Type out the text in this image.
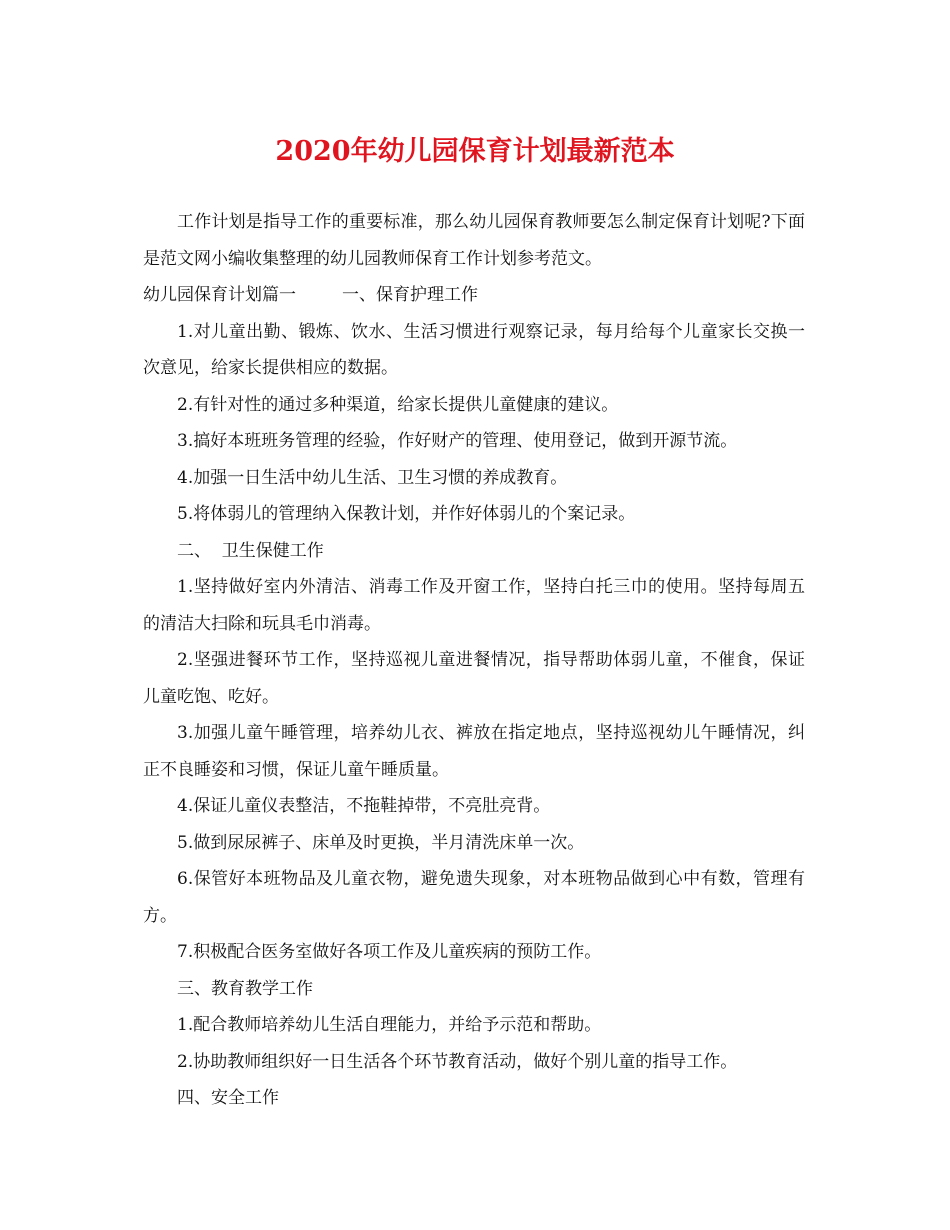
2020年幼儿园保育计划最新范本

工作计划是指导工作的重要标准，那么幼儿园保育教师要怎么制定保育计划呢?下面是范文网小编收集整理的幼儿园教师保育工作计划参考范文。

幼儿园保育计划篇一	一、保育护理工作

1.对儿童出勤、锻炼、饮水、生活习惯进行观察记录，每月给每个儿童家长交换一次意见，给家长提供相应的数据。

2.有针对性的通过多种渠道，给家长提供儿童健康的建议。

3.搞好本班班务管理的经验，作好财产的管理、使用登记，做到开源节流。

4.加强一日生活中幼儿生活、卫生习惯的养成教育。

5.将体弱儿的管理纳入保教计划，并作好体弱儿的个案记录。

二、  卫生保健工作

1.坚持做好室内外清洁、消毒工作及开窗工作，坚持白托三巾的使用。坚持每周五的清洁大扫除和玩具毛巾消毒。

2.坚强进餐环节工作，坚持巡视儿童进餐情况，指导帮助体弱儿童，不催食，保证儿童吃饱、吃好。

3.加强儿童午睡管理，培养幼儿衣、裤放在指定地点，坚持巡视幼儿午睡情况，纠正不良睡姿和习惯，保证儿童午睡质量。

4.保证儿童仪表整洁，不拖鞋掉带，不亮肚亮背。

5.做到尿尿裤子、床单及时更换，半月清洗床单一次。

6.保管好本班物品及儿童衣物，避免遗失现象，对本班物品做到心中有数，管理有方。

7.积极配合医务室做好各项工作及儿童疾病的预防工作。

三、教育教学工作

1.配合教师培养幼儿生活自理能力，并给予示范和帮助。

2.协助教师组织好一日生活各个环节教育活动，做好个别儿童的指导工作。

四、安全工作
